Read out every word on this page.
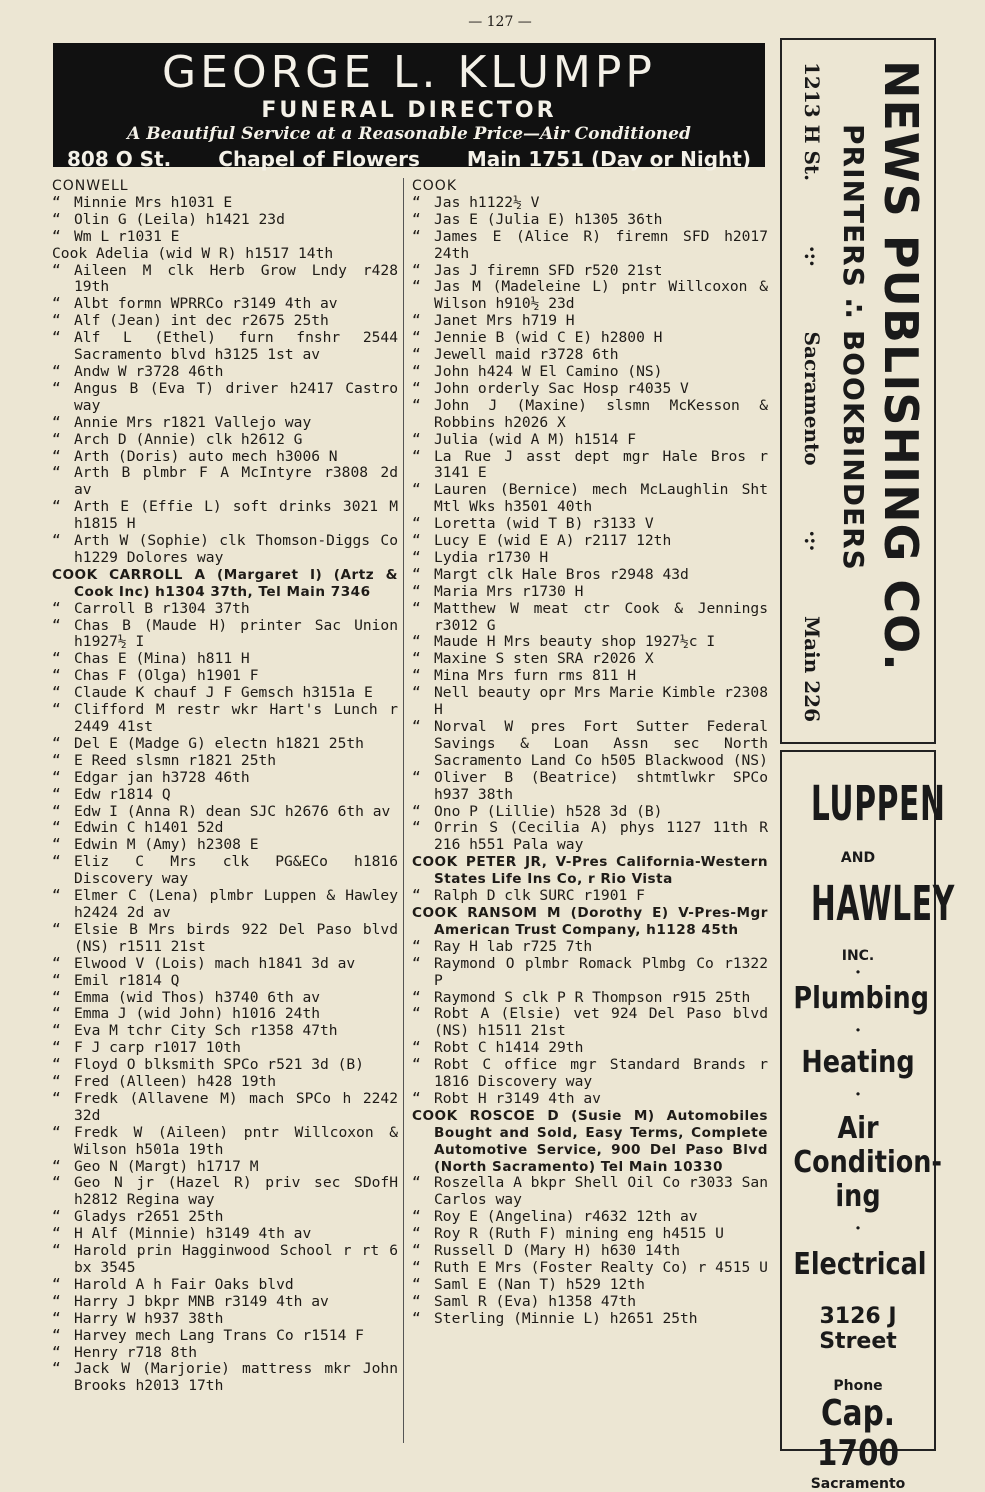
— 127 —
GEORGE L. KLUMPP
FUNERAL DIRECTOR
A Beautiful Service at a Reasonable Price—Air Conditioned
808 O St. Chapel of Flowers Main 1751 (Day or Night)
CONWELL
“ Minnie Mrs h1031 E
“ Olin G (Leila) h1421 23d
“ Wm L r1031 E
Cook Adelia (wid W R) h1517 14th
“ Aileen M clk Herb Grow Lndy r428 19th
“ Albt formn WPRRCo r3149 4th av
“ Alf (Jean) int dec r2675 25th
“ Alf L (Ethel) furn fnshr 2544 Sacramento blvd h3125 1st av
“ Andw W r3728 46th
“ Angus B (Eva T) driver h2417 Castro way
“ Annie Mrs r1821 Vallejo way
“ Arch D (Annie) clk h2612 G
“ Arth (Doris) auto mech h3006 N
“ Arth B plmbr F A McIntyre r3808 2d av
“ Arth E (Effie L) soft drinks 3021 M h1815 H
“ Arth W (Sophie) clk Thomson-Diggs Co h1229 Dolores way
COOK CARROLL A (Margaret I) (Artz & Cook Inc) h1304 37th, Tel Main 7346
“ Carroll B r1304 37th
“ Chas B (Maude H) printer Sac Union h1927½ I
“ Chas E (Mina) h811 H
“ Chas F (Olga) h1901 F
“ Claude K chauf J F Gemsch h3151a E
“ Clifford M restr wkr Hart's Lunch r 2449 41st
“ Del E (Madge G) electn h1821 25th
“ E Reed slsmn r1821 25th
“ Edgar jan h3728 46th
“ Edw r1814 Q
“ Edw I (Anna R) dean SJC h2676 6th av
“ Edwin C h1401 52d
“ Edwin M (Amy) h2308 E
“ Eliz C Mrs clk PG&ECo h1816 Discovery way
“ Elmer C (Lena) plmbr Luppen & Hawley h2424 2d av
“ Elsie B Mrs birds 922 Del Paso blvd (NS) r1511 21st
“ Elwood V (Lois) mach h1841 3d av
“ Emil r1814 Q
“ Emma (wid Thos) h3740 6th av
“ Emma J (wid John) h1016 24th
“ Eva M tchr City Sch r1358 47th
“ F J carp r1017 10th
“ Floyd O blksmith SPCo r521 3d (B)
“ Fred (Alleen) h428 19th
“ Fredk (Allavene M) mach SPCo h 2242 32d
“ Fredk W (Aileen) pntr Willcoxon & Wilson h501a 19th
“ Geo N (Margt) h1717 M
“ Geo N jr (Hazel R) priv sec SDofH h2812 Regina way
“ Gladys r2651 25th
“ H Alf (Minnie) h3149 4th av
“ Harold prin Hagginwood School r rt 6 bx 3545
“ Harold A h Fair Oaks blvd
“ Harry J bkpr MNB r3149 4th av
“ Harry W h937 38th
“ Harvey mech Lang Trans Co r1514 F
“ Henry r718 8th
“ Jack W (Marjorie) mattress mkr John Brooks h2013 17th
COOK
“ Jas h1122½ V
“ Jas E (Julia E) h1305 36th
“ James E (Alice R) firemn SFD h2017 24th
“ Jas J firemn SFD r520 21st
“ Jas M (Madeleine L) pntr Willcoxon & Wilson h910½ 23d
“ Janet Mrs h719 H
“ Jennie B (wid C E) h2800 H
“ Jewell maid r3728 6th
“ John h424 W El Camino (NS)
“ John orderly Sac Hosp r4035 V
“ John J (Maxine) slsmn McKesson & Robbins h2026 X
“ Julia (wid A M) h1514 F
“ La Rue J asst dept mgr Hale Bros r 3141 E
“ Lauren (Bernice) mech McLaughlin Sht Mtl Wks h3501 40th
“ Loretta (wid T B) r3133 V
“ Lucy E (wid E A) r2117 12th
“ Lydia r1730 H
“ Margt clk Hale Bros r2948 43d
“ Maria Mrs r1730 H
“ Matthew W meat ctr Cook & Jennings r3012 G
“ Maude H Mrs beauty shop 1927½c I
“ Maxine S sten SRA r2026 X
“ Mina Mrs furn rms 811 H
“ Nell beauty opr Mrs Marie Kimble r2308 H
“ Norval W pres Fort Sutter Federal Savings & Loan Assn sec North Sacramento Land Co h505 Blackwood (NS)
“ Oliver B (Beatrice) shtmtlwkr SPCo h937 38th
“ Ono P (Lillie) h528 3d (B)
“ Orrin S (Cecilia A) phys 1127 11th R 216 h551 Pala way
COOK PETER JR, V-Pres California-Western States Life Ins Co, r Rio Vista
“ Ralph D clk SURC r1901 F
COOK RANSOM M (Dorothy E) V-Pres-Mgr American Trust Company, h1128 45th
“ Ray H lab r725 7th
“ Raymond O plmbr Romack Plmbg Co r1322 P
“ Raymond S clk P R Thompson r915 25th
“ Robt A (Elsie) vet 924 Del Paso blvd (NS) h1511 21st
“ Robt C h1414 29th
“ Robt C office mgr Standard Brands r 1816 Discovery way
“ Robt H r3149 4th av
COOK ROSCOE D (Susie M) Automobiles Bought and Sold, Easy Terms, Complete Automotive Service, 900 Del Paso Blvd (North Sacramento) Tel Main 10330
“ Roszella A bkpr Shell Oil Co r3033 San Carlos way
“ Roy E (Angelina) r4632 12th av
“ Roy R (Ruth F) mining eng h4515 U
“ Russell D (Mary H) h630 14th
“ Ruth E Mrs (Foster Realty Co) r 4515 U
“ Saml E (Nan T) h529 12th
“ Saml R (Eva) h1358 47th
“ Sterling (Minnie L) h2651 25th
NEWS PUBLISHING CO.
PRINTERS ∴ BOOKBINDERS
1213 H St.
·:·
Sacramento
·:·
Main 226
LUPPEN
AND
HAWLEY
INC.
·
Plumbing
·
Heating
·
Air Condition-ing
·
Electrical
3126 J Street
Phone
Cap. 1700
Sacramento
